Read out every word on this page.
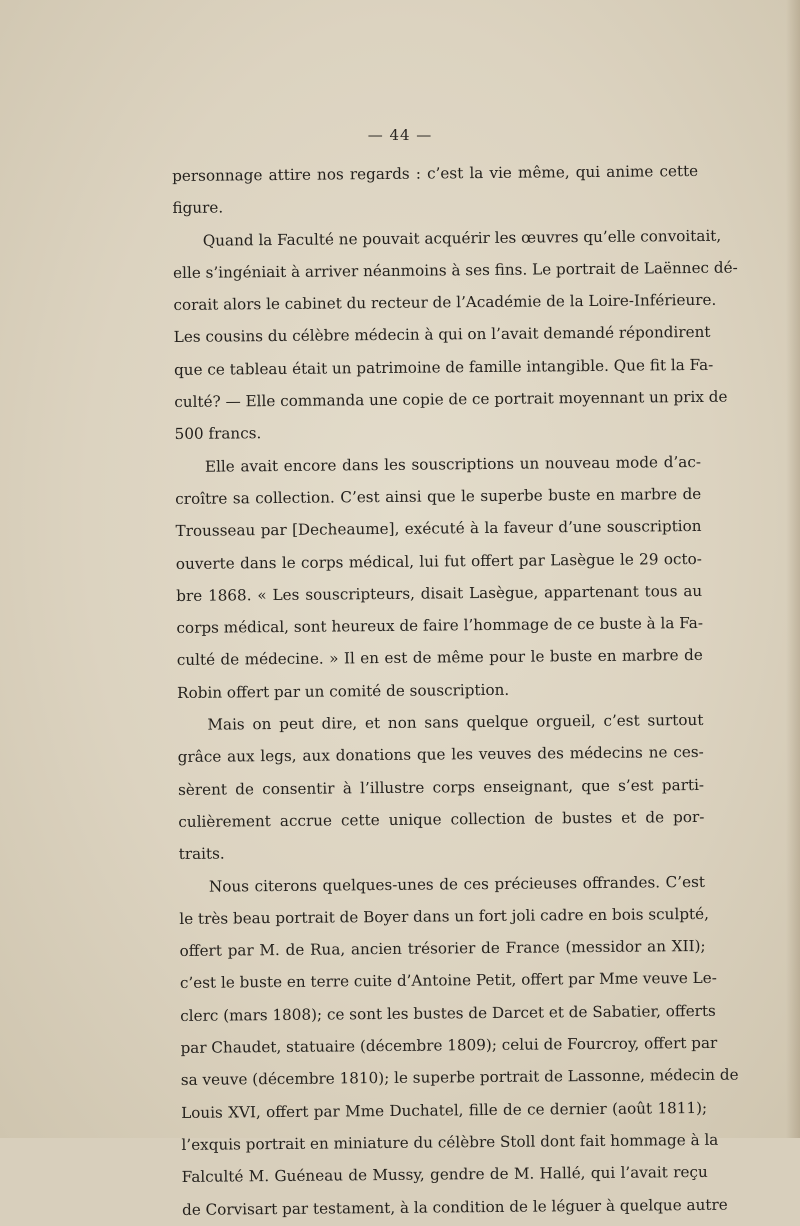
— 44 —
personnage attire nos regards : c’est la vie même, qui anime cette
figure.
Quand la Faculté ne pouvait acquérir les œuvres qu’elle convoitait,
elle s’ingéniait à arriver néanmoins à ses fins. Le portrait de Laënnec dé-
corait alors le cabinet du recteur de l’Académie de la Loire-Inférieure.
Les cousins du célèbre médecin à qui on l’avait demandé répondirent
que ce tableau était un patrimoine de famille intangible. Que fit la Fa-
culté? — Elle commanda une copie de ce portrait moyennant un prix de
500 francs.
Elle avait encore dans les souscriptions un nouveau mode d’ac-
croître sa collection. C’est ainsi que le superbe buste en marbre de
Trousseau par [Decheaume], exécuté à la faveur d’une souscription
ouverte dans le corps médical, lui fut offert par Lasègue le 29 octo-
bre 1868. « Les souscripteurs, disait Lasègue, appartenant tous au
corps médical, sont heureux de faire l’hommage de ce buste à la Fa-
culté de médecine. » Il en est de même pour le buste en marbre de
Robin offert par un comité de souscription.
Mais on peut dire, et non sans quelque orgueil, c’est surtout
grâce aux legs, aux donations que les veuves des médecins ne ces-
sèrent de consentir à l’illustre corps enseignant, que s’est parti-
culièrement accrue cette unique collection de bustes et de por-
traits.
Nous citerons quelques-unes de ces précieuses offrandes. C’est
le très beau portrait de Boyer dans un fort joli cadre en bois sculpté,
offert par M. de Rua, ancien trésorier de France (messidor an XII);
c’est le buste en terre cuite d’Antoine Petit, offert par Mme veuve Le-
clerc (mars 1808); ce sont les bustes de Darcet et de Sabatier, offerts
par Chaudet, statuaire (décembre 1809); celui de Fourcroy, offert par
sa veuve (décembre 1810); le superbe portrait de Lassonne, médecin de
Louis XVI, offert par Mme Duchatel, fille de ce dernier (août 1811);
l’exquis portrait en miniature du célèbre Stoll dont fait hommage à la
Falculté M. Guéneau de Mussy, gendre de M. Hallé, qui l’avait reçu
de Corvisart par testament, à la condition de le léguer à quelque autre
